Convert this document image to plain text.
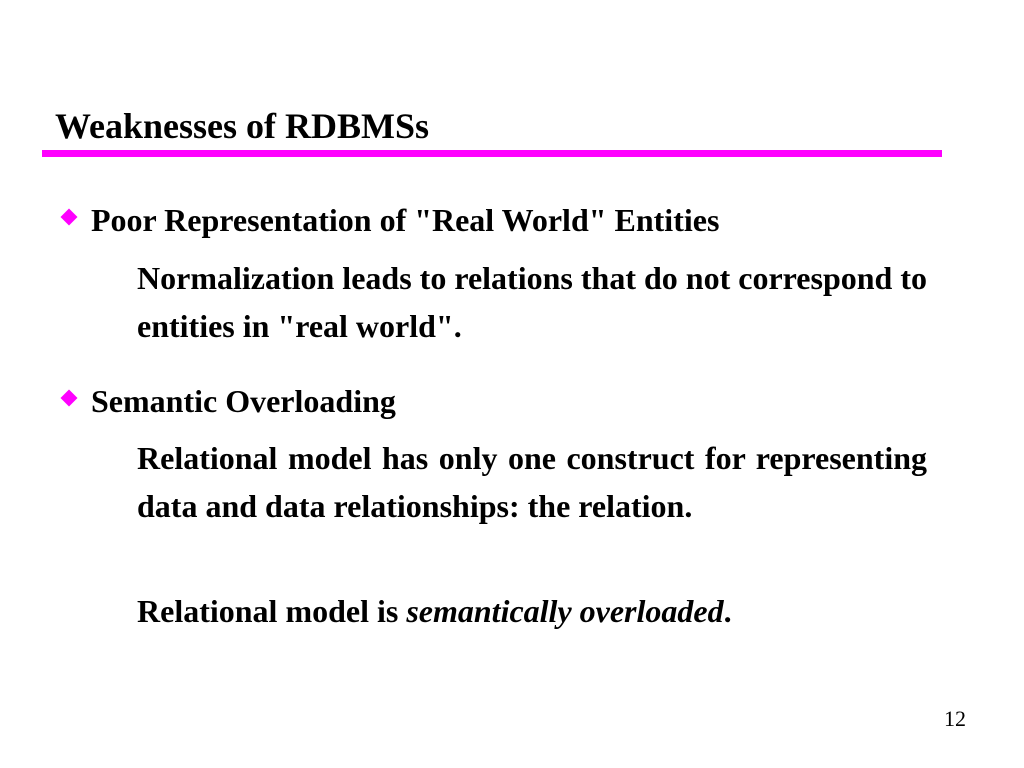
Weaknesses of RDBMSs
Poor Representation of "Real World" Entities
Normalization leads to relations that do not correspond to entities in "real world".
Semantic Overloading
Relational model has only one construct for representing data and data relationships: the relation.
Relational model is semantically overloaded.
12
